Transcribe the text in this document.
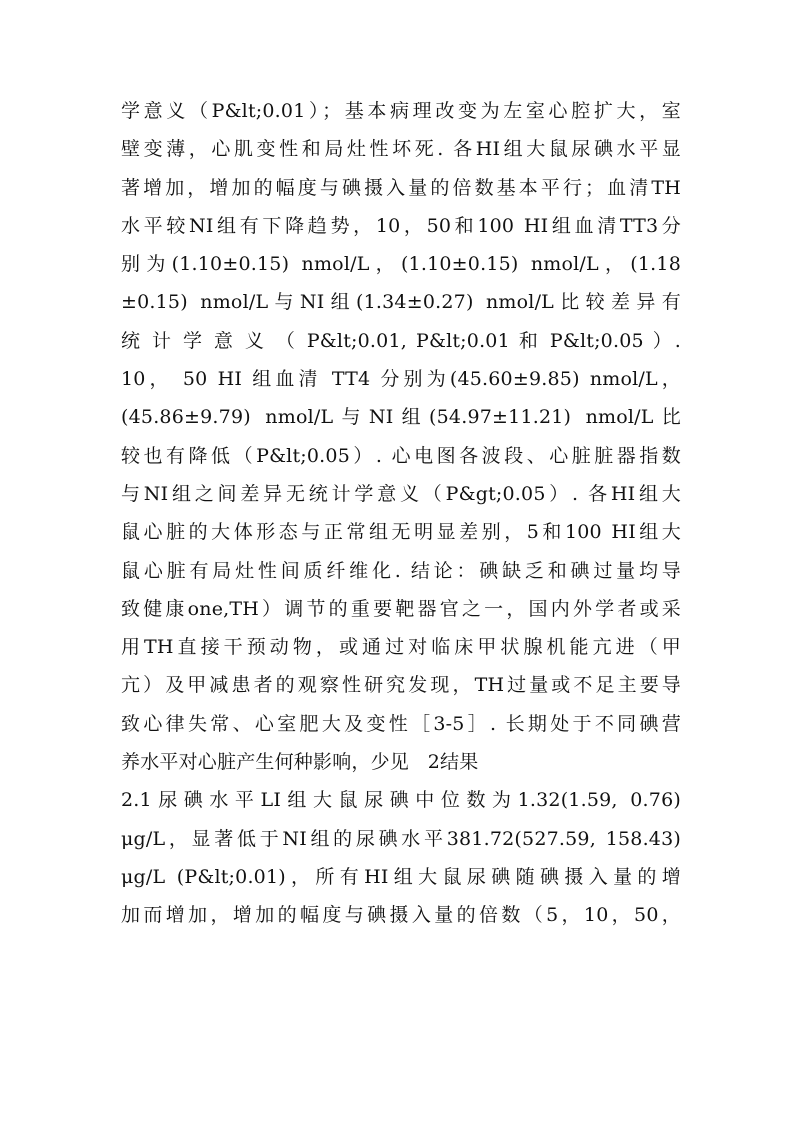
学意义（P&lt;0.01）；基本病理改变为左室心腔扩大，室
壁变薄，心肌变性和局灶性坏死. 各HI组大鼠尿碘水平显
著增加，增加的幅度与碘摄入量的倍数基本平行；血清TH
水平较NI组有下降趋势，10，50和100 HI组血清TT3分
别为(1.10±0.15) nmol/L，(1.10±0.15) nmol/L，(1.18
±0.15) nmol/L与NI组(1.34±0.27) nmol/L比较差异有
统 计 学 意 义 （ P&lt;0.01, P&lt;0.01 和 P&lt;0.05 ）.
10， 50 HI 组血清 TT4 分别为(45.60±9.85) nmol/L，
(45.86±9.79) nmol/L与NI组(54.97±11.21) nmol/L比
较也有降低（P&lt;0.05）. 心电图各波段、心脏脏器指数
与NI组之间差异无统计学意义（P&gt;0.05）. 各HI组大
鼠心脏的大体形态与正常组无明显差别，5和100 HI组大
鼠心脏有局灶性间质纤维化. 结论：碘缺乏和碘过量均导
致健康one,TH）调节的重要靶器官之一，国内外学者或采
用TH直接干预动物，或通过对临床甲状腺机能亢进（甲
亢）及甲减患者的观察性研究发现，TH过量或不足主要导
致心律失常、心室肥大及变性［3-5］. 长期处于不同碘营
养水平对心脏产生何种影响，少见   2结果
2.1尿碘水平LI组大鼠尿碘中位数为1.32(1.59, 0.76)
μg/L，显著低于NI组的尿碘水平381.72(527.59, 158.43)
μg/L (P&lt;0.01)，所有HI组大鼠尿碘随碘摄入量的增
加而增加，增加的幅度与碘摄入量的倍数（5，10，50，
